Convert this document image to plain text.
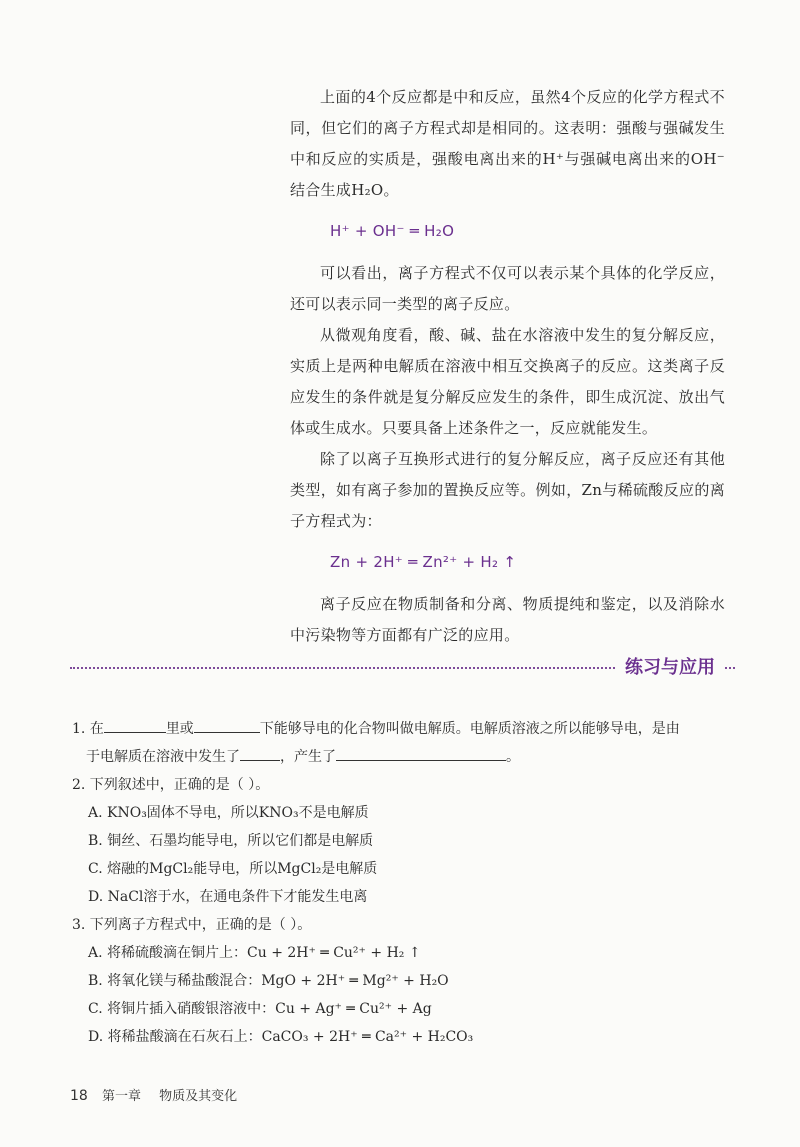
上面的4个反应都是中和反应，虽然4个反应的化学方程式不同，但它们的离子方程式却是相同的。这表明：强酸与强碱发生中和反应的实质是，强酸电离出来的H⁺与强碱电离出来的OH⁻结合生成H₂O。

H⁺ + OH⁻ ═ H₂O

可以看出，离子方程式不仅可以表示某个具体的化学反应，还可以表示同一类型的离子反应。

从微观角度看，酸、碱、盐在水溶液中发生的复分解反应，实质上是两种电解质在溶液中相互交换离子的反应。这类离子反应发生的条件就是复分解反应发生的条件，即生成沉淀、放出气体或生成水。只要具备上述条件之一，反应就能发生。

除了以离子互换形式进行的复分解反应，离子反应还有其他类型，如有离子参加的置换反应等。例如，Zn与稀硫酸反应的离子方程式为：

Zn + 2H⁺ ═ Zn²⁺ + H₂ ↑

离子反应在物质制备和分离、物质提纯和鉴定，以及消除水中污染物等方面都有广泛的应用。

练习与应用
1. 在	里或	下能够导电的化合物叫做电解质。电解质溶液之所以能够导电，是由
于电解质在溶液中发生了	，产生了	。
2. 下列叙述中，正确的是（ ）。
A. KNO₃固体不导电，所以KNO₃不是电解质
B. 铜丝、石墨均能导电，所以它们都是电解质
C. 熔融的MgCl₂能导电，所以MgCl₂是电解质
D. NaCl溶于水，在通电条件下才能发生电离
3. 下列离子方程式中，正确的是（ ）。
A. 将稀硫酸滴在铜片上：Cu + 2H⁺ ═ Cu²⁺ + H₂ ↑
B. 将氧化镁与稀盐酸混合：MgO + 2H⁺ ═ Mg²⁺ + H₂O
C. 将铜片插入硝酸银溶液中：Cu + Ag⁺ ═ Cu²⁺ + Ag
D. 将稀盐酸滴在石灰石上：CaCO₃ + 2H⁺ ═ Ca²⁺ + H₂CO₃
18 第一章 物质及其变化
